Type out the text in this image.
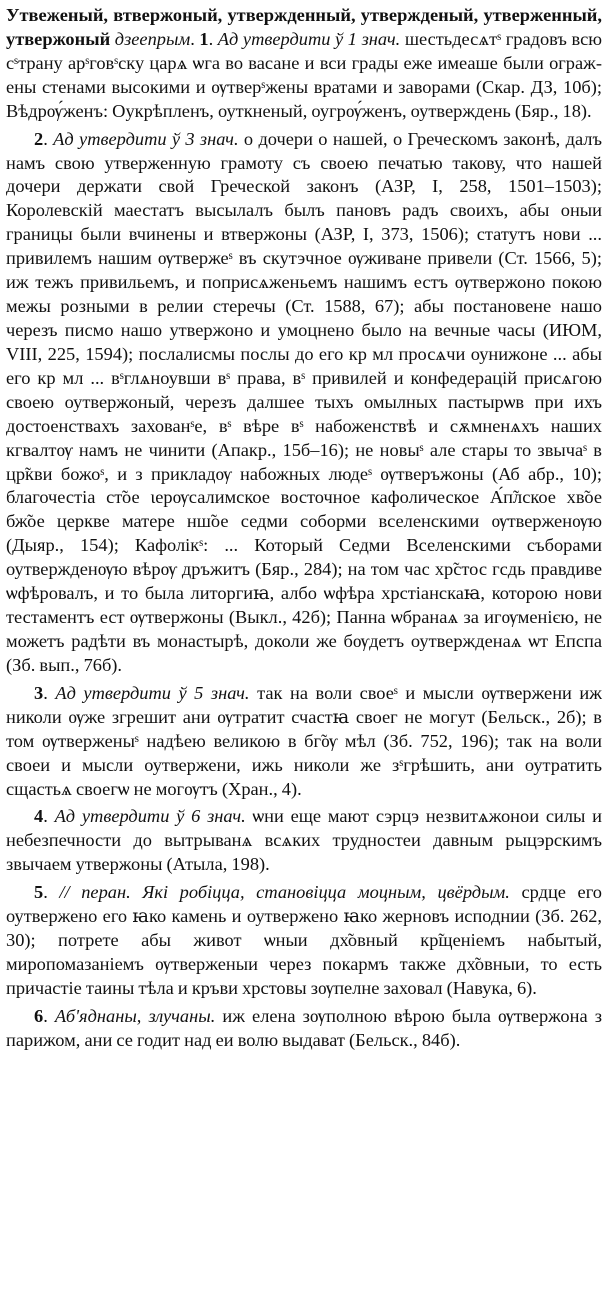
Утвеженый, втвержоный, утвержденный, утвержденый, утверженный, утвержоный дзеепрым. 1. Ад утвердити ў 1 знач. шестьдесѧтˢ градовъ всю сˢтрану арˢговˢску царѧ ѡга во васане и вси грады еже имеаше были огражены стенами высокими и ѹтверˢжены вратами и заворами (Скар. ДЗ, 10б); Вѣдрѹ́женъ: Оукрѣпленъ, оуткненый, оугрѹ́женъ, оутверждень (Бяр., 18).

2. Ад утвердити ў 3 знач. о дочери о нашей, о Греческомъ законѣ, далъ намъ свою утверженную грамоту съ своею печатью такову, что нашей дочери держати свой Греческой законъ (АЗР, I, 258, 1501–1503); Королевскій маестатъ высылалъ былъ пановъ радъ своихъ, абы оныи границы были вчинены и втвержоны (АЗР, I, 373, 1506); статутъ нови ... привилемъ нашим ѹтвержеˢ въ скутэчное ѹживане привели (Ст. 1566, 5); иж тежъ привильемъ, и поприсѧженьемъ нашимъ естъ ѹтвержоно покою межы розными в релии стеречы (Ст. 1588, 67); абы постановене нашо черезъ писмо нашо утвержоно и умоцнено было на вечные часы (ИЮМ, VIII, 225, 1594); послалисмы послы до его кр мл просѧчи оунижоне ... абы его кр мл ... вˢглѧноувши вˢ права, вˢ привилей и конфедерацій присѧгою своею оутвержоный, черезъ далшее тыхъ омылных пастырѡв при ихъ достоенствахъ захованˢе, вˢ вѣре вˢ набоженствѣ и сѫмненѧхъ наших кгвалтѹ намъ не чинити (Апакр., 15б–16); не новыˢ але стары то звычаˢ в цр̃кви божоˢ, и з прикладѹ набожных людеˢ ѹтверъжоны (Аб абр., 10); благочестіа ст̃ое ιерѹсалимское восточное кафолическое А́п̃лское хв̃ое бж̃ое церкве матере нш̃ое седми соборми вселенскими ѹтверженѹю (Дыяр., 154); Кафолікˢ: ... Который Седми Вселенскими съборами оутвержденѹю вѣрѹ дръжитъ (Бяр., 284); на том час хр̃стос гсдь правдиве ѡфѣровалъ, и то была литоргиꙗ, албо ѡфѣра хрстіанскаꙗ, которою нови тестаментъ ест ѹтвержоны (Выкл., 42б); Панна ѡбранаѧ за игѹменією, не можетъ радѣти въ монастырѣ, доколи же бѹдетъ оутвержденаѧ ѡт Епспа (Зб. вып., 76б).

3. Ад утвердити ў 5 знач. так на воли своеˢ и мысли ѹтвержени иж николи ѹже згрешит ани ѹтратит счастꙗ своег не могут (Бельск., 2б); в том ѹтверженыˢ надѣею великою в бг̃ѹ мѣл (Зб. 752, 196); так на воли своеи и мысли оутвержени, ижь николи же зˢгрѣшить, ани оутратить сщастьѧ своегѡ не могѹтъ (Хран., 4).

4. Ад утвердити ў 6 знач. ѡни еще мают сэрцэ незвитѧжонои силы и небезпечности до вытрыванѧ всѧких трудностеи давным рыцэрскимъ звычаем утвержоны (Атыла, 198).

5. // перан. Які робіцца, становіцца моцным, цвёрдым. срдце его оутвержено его ꙗко камень и оутвержено ꙗко жерновъ исподнии (Зб. 262, 30); потрете абы живот ѡныи дх̃овный кр̃щеніемъ набытый, миропомазаніемъ ѹтверженыи через покармъ такжe дх̃овныи, то есть причастіе таины тѣла и кръви хрстовы зѹпелне заховал (Навука, 6).

6. Аб'яднаны, злучаны. иж елена зѹполною вѣрою была ѹтвержона з парижом, ани се годит над еи волю выдават (Бельск., 84б).
